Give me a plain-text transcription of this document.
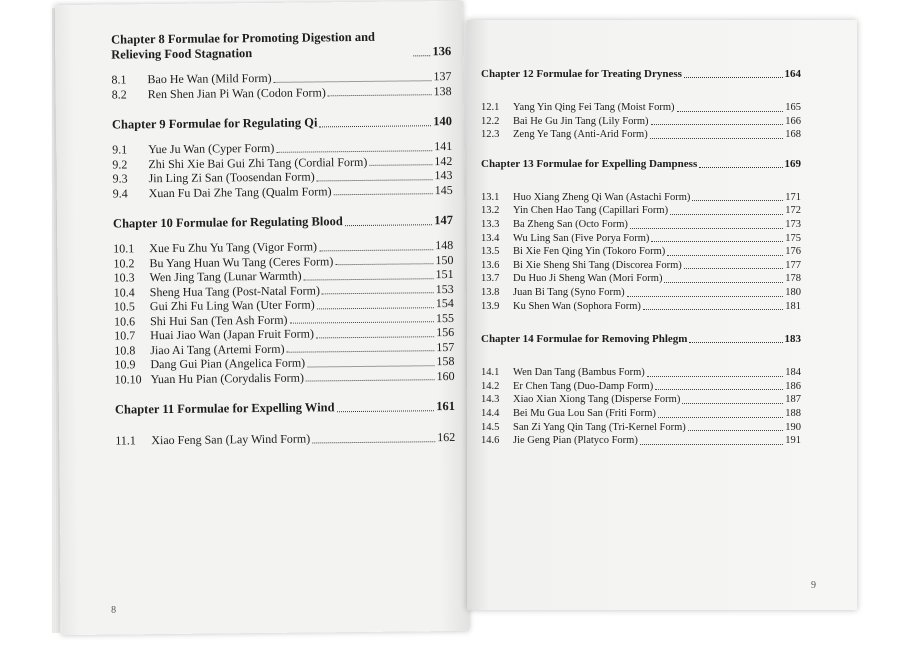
Chapter 8 Formulae for Promoting Digestion and Relieving Food Stagnation	136
8.1	Bao He Wan (Mild Form)	137
8.2	Ren Shen Jian Pi Wan (Codon Form)	138
Chapter 9 Formulae for Regulating Qi	140
9.1	Yue Ju Wan (Cyper Form)	141
9.2	Zhi Shi Xie Bai Gui Zhi Tang (Cordial Form)	142
9.3	Jin Ling Zi San (Toosendan Form)	143
9.4	Xuan Fu Dai Zhe Tang (Qualm Form)	145
Chapter 10 Formulae for Regulating Blood	147
10.1	Xue Fu Zhu Yu Tang (Vigor Form)	148
10.2	Bu Yang Huan Wu Tang (Ceres Form)	150
10.3	Wen Jing Tang (Lunar Warmth)	151
10.4	Sheng Hua Tang (Post-Natal Form)	153
10.5	Gui Zhi Fu Ling Wan (Uter Form)	154
10.6	Shi Hui San (Ten Ash Form)	155
10.7	Huai Jiao Wan (Japan Fruit Form)	156
10.8	Jiao Ai Tang (Artemi Form)	157
10.9	Dang Gui Pian (Angelica Form)	158
10.10 Yuan Hu Pian (Corydalis Form)	160
Chapter 11 Formulae for Expelling Wind	161
11.1	Xiao Feng San (Lay Wind Form)	162
8
Chapter 12 Formulae for Treating Dryness	164
12.1	Yang Yin Qing Fei Tang (Moist Form)	165
12.2	Bai He Gu Jin Tang (Lily Form)	166
12.3	Zeng Ye Tang (Anti-Arid Form)	168
Chapter 13 Formulae for Expelling Dampness	169
13.1	Huo Xiang Zheng Qi Wan (Astachi Form)	171
13.2	Yin Chen Hao Tang (Capillari Form)	172
13.3	Ba Zheng San (Octo Form)	173
13.4	Wu Ling San (Five Porya Form)	175
13.5	Bi Xie Fen Qing Yin (Tokoro Form)	176
13.6	Bi Xie Sheng Shi Tang (Discorea Form)	177
13.7	Du Huo Ji Sheng Wan (Mori Form)	178
13.8	Juan Bi Tang (Syno Form)	180
13.9	Ku Shen Wan (Sophora Form)	181
Chapter 14 Formulae for Removing Phlegm	183
14.1	Wen Dan Tang (Bambus Form)	184
14.2	Er Chen Tang (Duo-Damp Form)	186
14.3	Xiao Xian Xiong Tang (Disperse Form)	187
14.4	Bei Mu Gua Lou San (Friti Form)	188
14.5	San Zi Yang Qin Tang (Tri-Kernel Form)	190
14.6	Jie Geng Pian (Platyco Form)	191
9
